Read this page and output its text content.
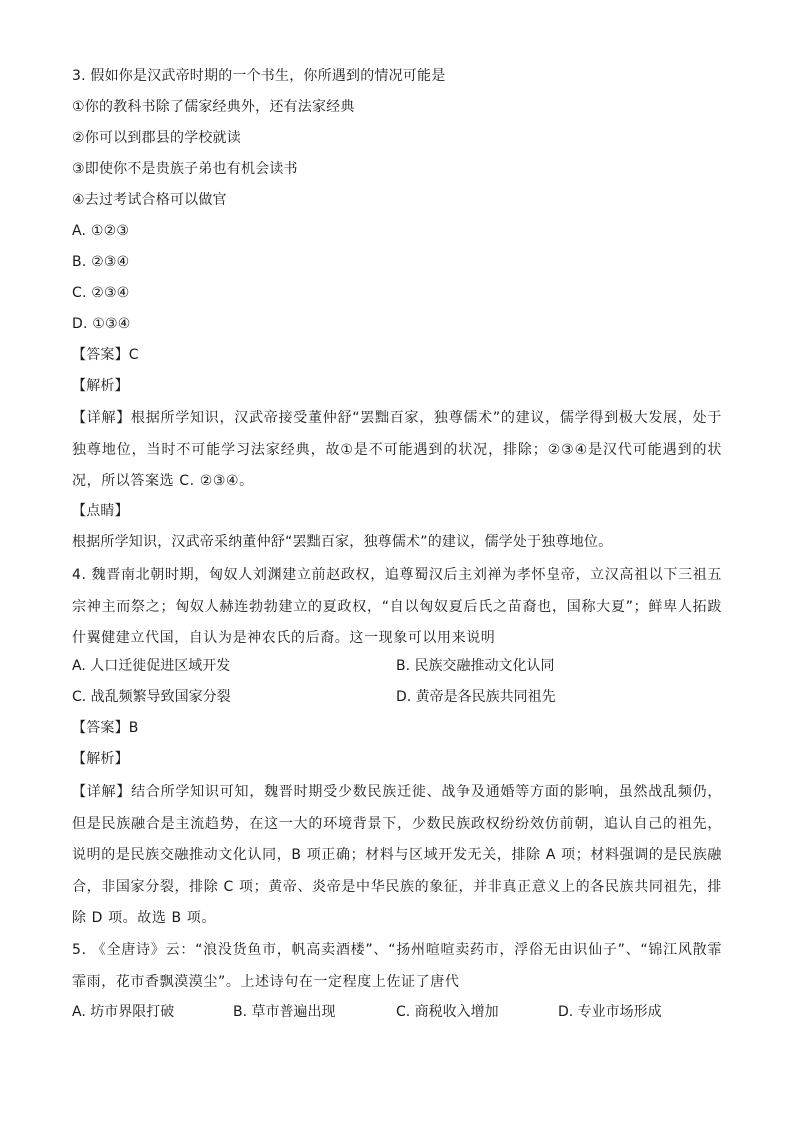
3. 假如你是汉武帝时期的一个书生，你所遇到的情况可能是
①你的教科书除了儒家经典外，还有法家经典
②你可以到郡县的学校就读
③即使你不是贵族子弟也有机会读书
④去过考试合格可以做官
A. ①②③
B. ②③④
C. ②③④
D. ①③④
【答案】C
【解析】
【详解】根据所学知识，汉武帝接受董仲舒“罢黜百家，独尊儒术”的建议，儒学得到极大发展，处于独尊地位，当时不可能学习法家经典，故①是不可能遇到的状况，排除；②③④是汉代可能遇到的状况，所以答案选 C. ②③④。
【点睛】
根据所学知识，汉武帝采纳董仲舒“罢黜百家，独尊儒术”的建议，儒学处于独尊地位。
4. 魏晋南北朝时期，匈奴人刘渊建立前赵政权，追尊蜀汉后主刘禅为孝怀皇帝，立汉高祖以下三祖五宗神主而祭之；匈奴人赫连勃勃建立的夏政权，“自以匈奴夏后氏之苗裔也，国称大夏”；鲜卑人拓跋什翼健建立代国，自认为是神农氏的后裔。这一现象可以用来说明
A. 人口迁徙促进区域开发	B. 民族交融推动文化认同
C. 战乱频繁导致国家分裂	D. 黄帝是各民族共同祖先
【答案】B
【解析】
【详解】结合所学知识可知，魏晋时期受少数民族迁徙、战争及通婚等方面的影响，虽然战乱频仍，但是民族融合是主流趋势，在这一大的环境背景下，少数民族政权纷纷效仿前朝，追认自己的祖先，说明的是民族交融推动文化认同，B 项正确；材料与区域开发无关，排除 A 项；材料强调的是民族融合，非国家分裂，排除 C 项；黄帝、炎帝是中华民族的象征，并非真正意义上的各民族共同祖先，排除 D 项。故选 B 项。
5. 《全唐诗》云：“浪没货鱼市，帆高卖酒楼”、“扬州喧喧卖药市，浮俗无由识仙子”、“锦江风散霏霏雨，花市香飘漠漠尘”。上述诗句在一定程度上佐证了唐代
A. 坊市界限打破	B. 草市普遍出现	C. 商税收入增加	D. 专业市场形成
